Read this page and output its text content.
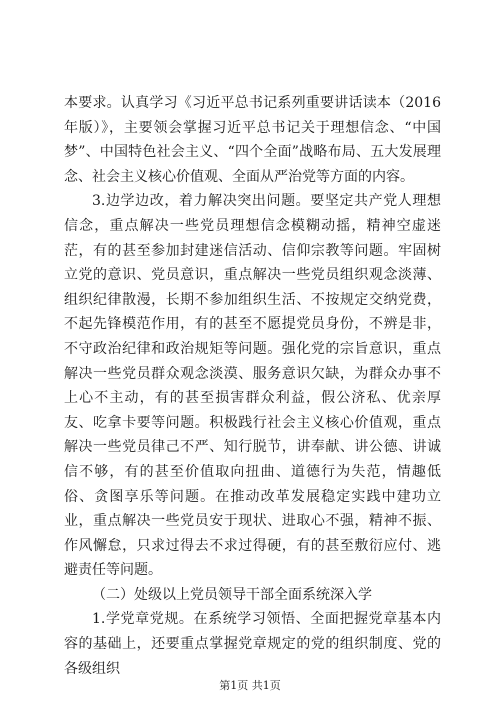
本要求。认真学习《习近平总书记系列重要讲话读本（2016年版）》，主要领会掌握习近平总书记关于理想信念、“中国梦”、中国特色社会主义、“四个全面”战略布局、五大发展理念、社会主义核心价值观、全面从严治党等方面的内容。

3.边学边改，着力解决突出问题。要坚定共产党人理想信念，重点解决一些党员理想信念模糊动摇，精神空虚迷茫，有的甚至参加封建迷信活动、信仰宗教等问题。牢固树立党的意识、党员意识，重点解决一些党员组织观念淡薄、组织纪律散漫，长期不参加组织生活、不按规定交纳党费，不起先锋模范作用，有的甚至不愿提党员身份，不辨是非，不守政治纪律和政治规矩等问题。强化党的宗旨意识，重点解决一些党员群众观念淡漠、服务意识欠缺，为群众办事不上心不主动，有的甚至损害群众利益，假公济私、优亲厚友、吃拿卡要等问题。积极践行社会主义核心价值观，重点解决一些党员律己不严、知行脱节，讲奉献、讲公德、讲诚信不够，有的甚至价值取向扭曲、道德行为失范，情趣低俗、贪图享乐等问题。在推动改革发展稳定实践中建功立业，重点解决一些党员安于现状、进取心不强，精神不振、作风懈怠，只求过得去不求过得硬，有的甚至敷衍应付、逃避责任等问题。

（二）处级以上党员领导干部全面系统深入学

1.学党章党规。在系统学习领悟、全面把握党章基本内容的基础上，还要重点掌握党章规定的党的组织制度、党的各级组织

第1页 共1页
